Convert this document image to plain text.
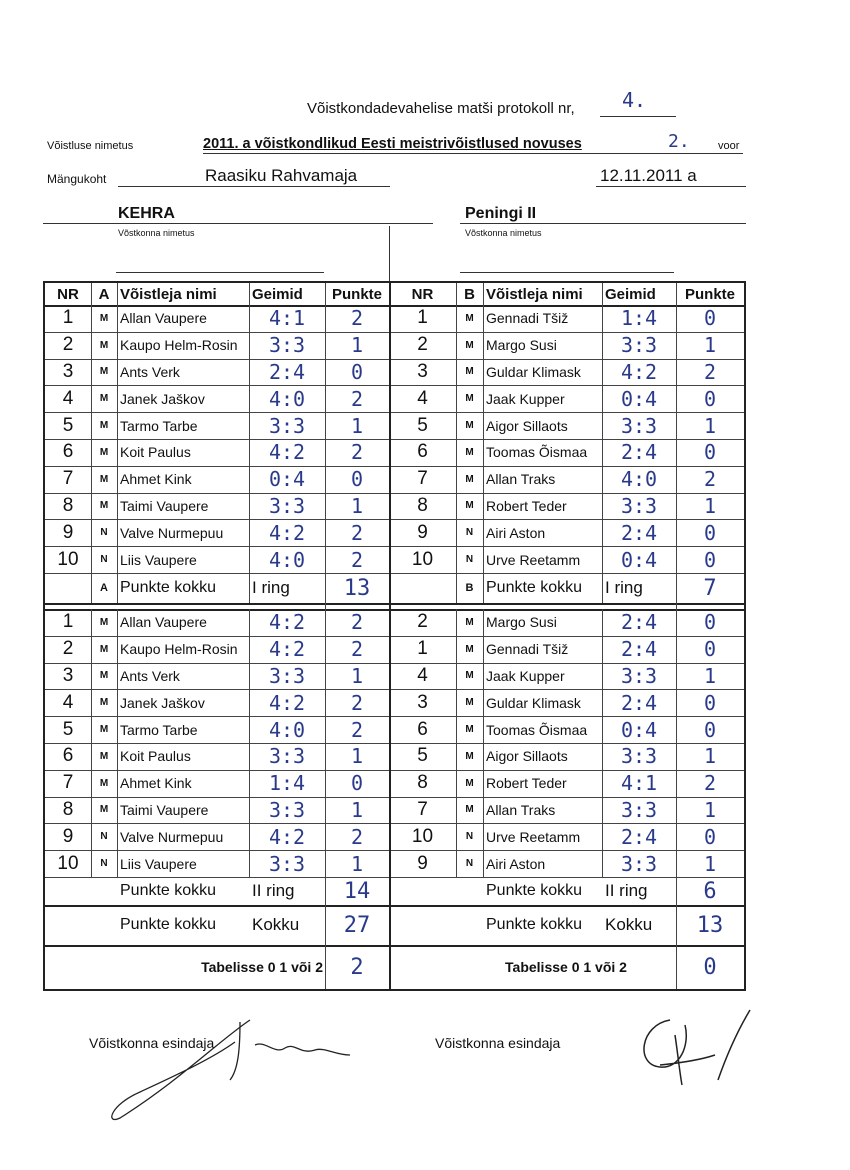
Võistkondadevahelise matši protokoll nr, 4.
Võistluse nimetus	2011. a võistkondlikud Eesti meistrivõistlused novuses	2.	voor
Mängukoht	Raasiku Rahvamaja	12.11.2011 a
KEHRA
Võstkonna nimetus
Peningi II
Võstkonna nimetus
NR	A Võistleja nimi	Geimid	Punkte	NR	B Võistleja nimi	Geimid	Punkte
1	M Allan Vaupere	4:1	2	1	M Gennadi Tšiž	1:4	0
2	M Kaupo Helm-Rosin	3:3	1	2	M Margo Susi	3:3	1
3	M Ants Verk	2:4	0	3	M Guldar Klimask	4:2	2
4	M Janek Jaškov	4:0	2	4	M Jaak Kupper	0:4	0
5	M Tarmo Tarbe	3:3	1	5	M Aigor Sillaots	3:3	1
6	M Koit Paulus	4:2	2	6	M Toomas Õismaa	2:4	0
7	M Ahmet Kink	0:4	0	7	M Allan Traks	4:0	2
8	M Taimi Vaupere	3:3	1	8	M Robert Teder	3:3	1
9	N Valve Nurmepuu	4:2	2	9	N Airi Aston	2:4	0
10	N Liis Vaupere	4:0	2	10	N Urve Reetamm	0:4	0
A Punkte kokku	I ring	13	B Punkte kokku	I ring	7
1	M Allan Vaupere	4:2	2	2	M Margo Susi	2:4	0
2	M Kaupo Helm-Rosin	4:2	2	1	M Gennadi Tšiž	2:4	0
3	M Ants Verk	3:3	1	4	M Jaak Kupper	3:3	1
4	M Janek Jaškov	4:2	2	3	M Guldar Klimask	2:4	0
5	M Tarmo Tarbe	4:0	2	6	M Toomas Õismaa	0:4	0
6	M Koit Paulus	3:3	1	5	M Aigor Sillaots	3:3	1
7	M Ahmet Kink	1:4	0	8	M Robert Teder	4:1	2
8	M Taimi Vaupere	3:3	1	7	M Allan Traks	3:3	1
9	N Valve Nurmepuu	4:2	2	10	N Urve Reetamm	2:4	0
10	N Liis Vaupere	3:3	1	9	N Airi Aston	3:3	1
Punkte kokku	II ring	14	Punkte kokku	II ring	6
Punkte kokku	Kokku	27	Punkte kokku	Kokku	13
Tabelisse 0 1 või 2	2	Tabelisse 0 1 või 2	0
Võistkonna esindaja	Võistkonna esindaja
